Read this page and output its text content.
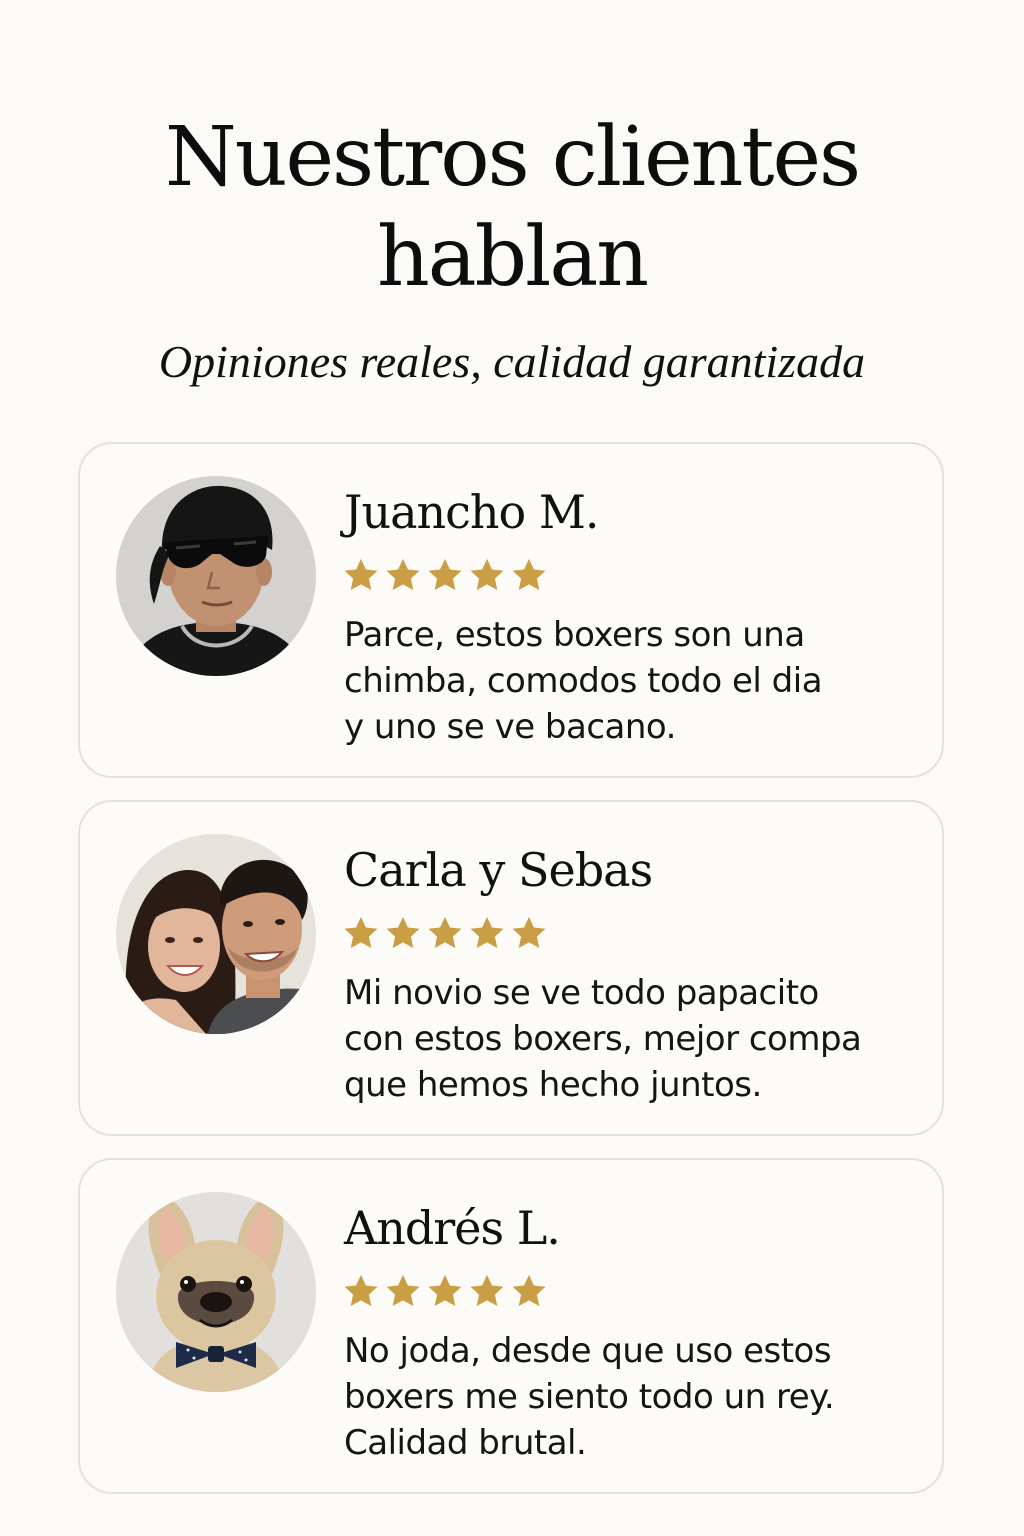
Nuestros clientes
hablan
Opiniones reales, calidad garantizada
Juancho M.
Parce, estos boxers son una
chimba, comodos todo el dia
y uno se ve bacano.
Carla y Sebas
Mi novio se ve todo papacito
con estos boxers, mejor compa
que hemos hecho juntos.
Andrés L.
No joda, desde que uso estos
boxers me siento todo un rey.
Calidad brutal.
